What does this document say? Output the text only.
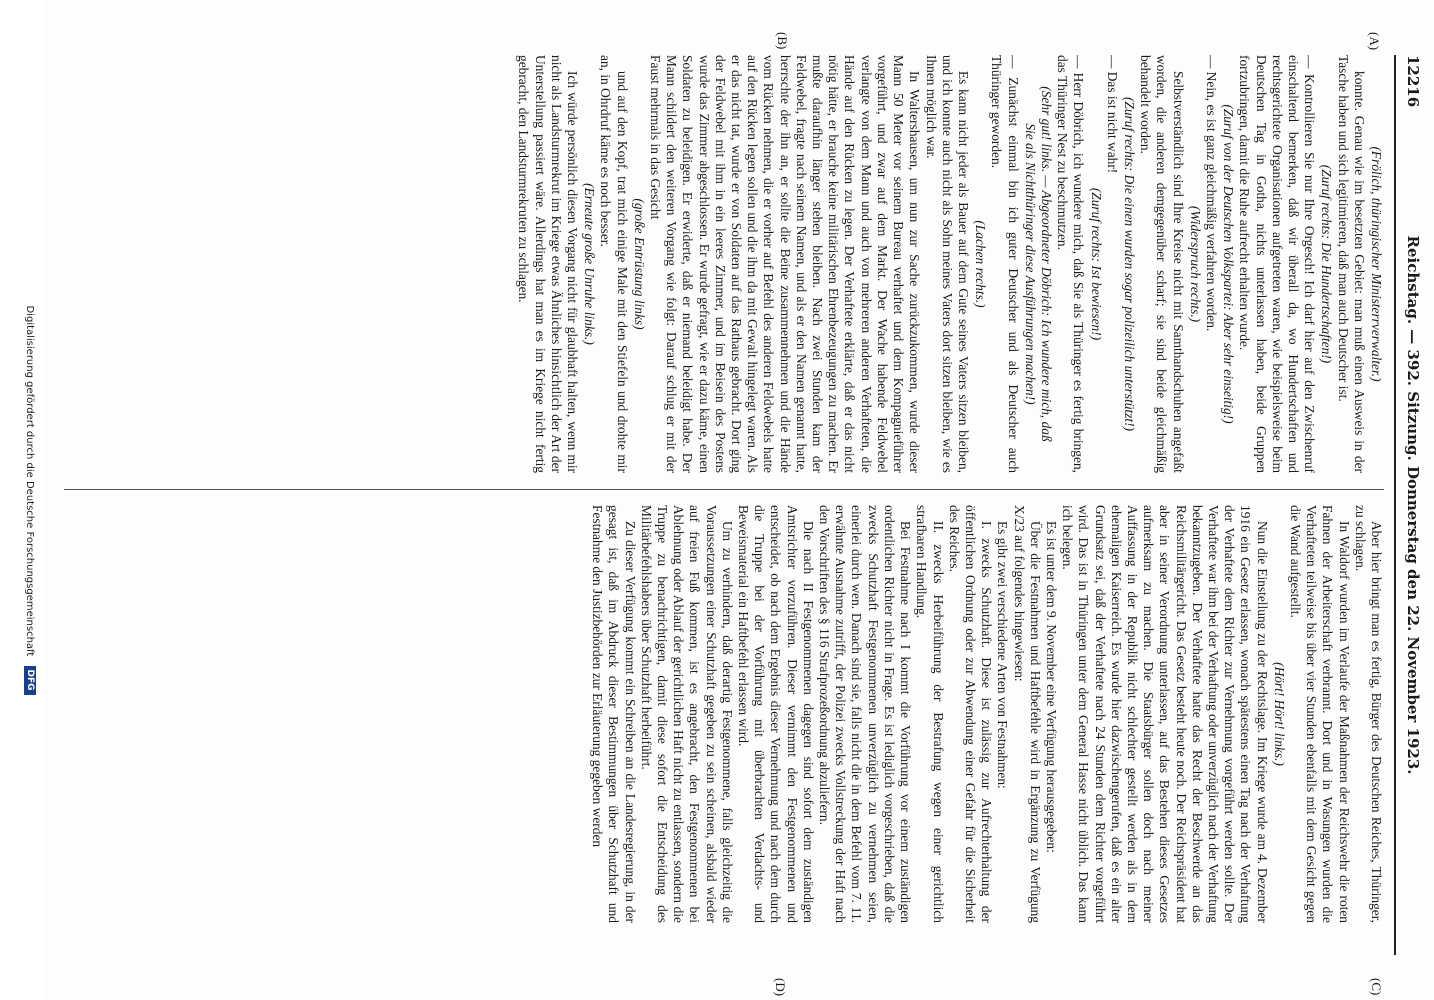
12216
Reichstag. — 392. Sitzung. Donnerstag den 22. November 1923.
(A)
(B)
(C)
(D)

(Frölich, thüringischer Ministerrverwalter.)

konnte. Genau wie im besetzten Gebiet: man muß einen Ausweis in der Tasche haben und sich legitimieren, daß man auch Deutscher ist.

(Zuruf rechts: Die Hundertschaften!)

— Kontrollieren Sie nur Ihre Orgesch! Ich darf hier auf den Zwischenruf einschaltend bemerken, daß wir überall da, wo Hundertschaften und rechtsgerichtete Organisationen aufgetreten waren, wie beispielsweise beim Deutschen Tag in Gotha, nichts unterlassen haben, beide Gruppen fortzubringen, damit die Ruhe aufrecht erhalten wurde.

(Zuruf von der Deutschen Volkspartei: Aber sehr einseitig!)

— Nein, es ist ganz gleichmäßig verfahren worden.

(Widerspruch rechts.)

Selbstverständlich sind Ihre Kreise nicht mit Samthandschuhen angefaßt worden, die anderen demgegenüber scharf; sie sind beide gleichmäßig behandelt worden.

(Zuruf rechts: Die einen wurden sogar polizeilich unterstützt!)

— Das ist nicht wahr!

(Zuruf rechts: Ist bewiesen!)

— Herr Döbrich, ich wundere mich, daß Sie als Thüringer es fertig bringen, das Thüringer Nest zu beschmutzen.

(Sehr gut! links. — Abgeordneter Döbrich: Ich wundere mich, daß Sie als Nichtthüringer diese Ausführungen machen!)

— Zunächst einmal bin ich guter Deutscher und als Deutscher auch Thüringer geworden.

(Lachen rechts.)

Es kann nicht jeder als Bauer auf dem Gute seines Vaters sitzen bleiben, und ich konnte auch nicht als Sohn meines Vaters dort sitzen bleiben, wie es Ihnen möglich war.

In Waltershausen, um nun zur Sache zurückzukommen, wurde dieser Mann 50 Meter vor seinem Bureau verhaftet und dem Kompagnieführer vorgeführt, und zwar auf dem Markt. Der Wache habende Feldwebel verlangte von dem Mann und auch von mehreren anderen Verhafteten, die Hände auf den Rücken zu legen. Der Verhaftete erklärte, daß er das nicht nötig hätte, er brauche keine militärischen Ehrenbezeugungen zu machen. Er mußte daraufhin länger stehen bleiben. Nach zwei Stunden kam der Feldwebel, fragte nach seinem Namen, und als er den Namen genannt hatte, herrschte der ihn an, er sollte die Beine zusammennehmen und die Hände vom Rücken nehmen, die er vorher auf Befehl des anderen Feldwebels hatte auf den Rücken legen sollen und die ihm da mit Gewalt hingelegt waren. Als er das nicht tat, wurde er von Soldaten auf das Rathaus gebracht. Dort ging der Feldwebel mit ihm in ein leeres Zimmer, und im Beisein des Postens wurde das Zimmer abgeschlossen. Er wurde gefragt, wie er dazu käme, einen Soldaten zu beleidigen. Er erwiderte, daß er niemand beleidigt habe. Der Mann schildert den weiteren Vorgang wie folgt: Darauf schlug er mit der Faust mehrmals in das Gesicht

(große Entrüstung links)

und auf den Kopf, trat mich einige Male mit den Stiefeln und drohte mir an, in Ohrdruf käme es noch besser.

(Erneute große Unruhe links.)

Ich würde persönlich diesen Vorgang nicht für glaubhaft halten, wenn mir nicht als Landsturmrekrut im Kriege etwas Ähnliches hinsichtlich der Art der Unterstellung passiert wäre. Allerdings hat man es im Kriege nicht fertig gebracht, den Landsturmrekruten zu schlagen.

Aber hier bringt man es fertig, Bürger des Deutschen Reiches, Thüringer, zu schlagen.

In Waldorf wurden im Verlaufe der Maßnahmen der Reichswehr die roten Fahnen der Arbeiterschaft verbrannt. Dort und in Wasungen wurden die Verhafteten teilweise bis über vier Stunden ebenfalls mit dem Gesicht gegen die Wand aufgestellt.

(Hört! Hört! links.)

Nun die Einstellung zu der Rechtslage. Im Kriege wurde am 4. Dezember 1916 ein Gesetz erlassen, wonach spätestens einen Tag nach der Verhaftung der Verhaftete dem Richter zur Vernehmung vorgeführt werden sollte. Der Verhaftete war ihm bei der Verhaftung oder unverzüglich nach der Verhaftung bekanntzugeben. Der Verhaftete hatte das Recht der Beschwerde an das Reichsmilitärgericht. Das Gesetz besteht heute noch. Der Reichspräsident hat aber in seiner Verordnung unterlassen, auf das Bestehen dieses Gesetzes aufmerksam zu machen. Die Staatsbürger sollen doch nach meiner Auffassung in der Republik nicht schlechter gestellt werden als in dem ehemaligen Kaiserreich. Es wurde hier dazwischengerufen, daß es ein alter Grundsatz sei, daß der Verhaftete nach 24 Stunden dem Richter vorgeführt wird. Das ist in Thüringen unter dem General Hasse nicht üblich. Das kann ich belegen.

Es ist unter dem 9. November eine Verfügung herausgegeben:

Über die Festnahmen und Haftbefehle wird in Ergänzung zu Verfügung X/23 auf folgendes hingewiesen:

Es gibt zwei verschiedene Arten von Festnahmen:

I. zwecks Schutzhaft. Diese ist zulässig zur Aufrechterhaltung der öffentlichen Ordnung oder zur Abwendung einer Gefahr für die Sicherheit des Reiches.

II. zwecks Herbeiführung der Bestrafung wegen einer gerichtlich strafbaren Handlung.

Bei Festnahme nach I kommt die Vorführung vor einem zuständigen ordentlichen Richter nicht in Frage. Es ist lediglich vorgeschrieben, daß die zwecks Schutzhaft Festgenommenen unverzüglich zu vernehmen seien, einerlei durch wen. Danach sind sie, falls nicht die in dem Befehl vom 7. 11. erwähnte Ausnahme zutrifft, der Polizei zwecks Vollstreckung der Haft nach den Vorschriften des § 116 Strafprozeßordnung abzuliefern.

Die nach II Festgenommenen dagegen sind sofort dem zuständigen Amtsrichter vorzuführen. Dieser vernimmt den Festgenommenen und entscheidet, ob nach dem Ergebnis dieser Vernehmung und nach dem durch die Truppe bei der Vorführung mit überbrachten Verdachts- und Beweismaterial ein Haftbefehl erlassen wird.

Um zu verhindern, daß derartig Festgenommene, falls gleichzeitig die Voraussetzungen einer Schutzhaft gegeben zu sein scheinen, alsbald wieder auf freien Fuß kommen, ist es angebracht, den Festgenommenen bei Ablehnung oder Ablauf der gerichtlichen Haft nicht zu entlassen, sondern die Truppe zu benachrichtigen, damit diese sofort die Entscheidung des Militärbefehlshabers über Schutzhaft herbeiführt.

Zu dieser Verfügung kommt ein Schreiben an die Landesregierung, in der gesagt ist, daß im Abdruck dieser Bestimmungen über Schutzhaft und Festnahme den Justizbehörden zur Erläuterung gegeben werden

Digitalisierung gefördert durch die Deutsche Forschungsgemeinschaft DFG
